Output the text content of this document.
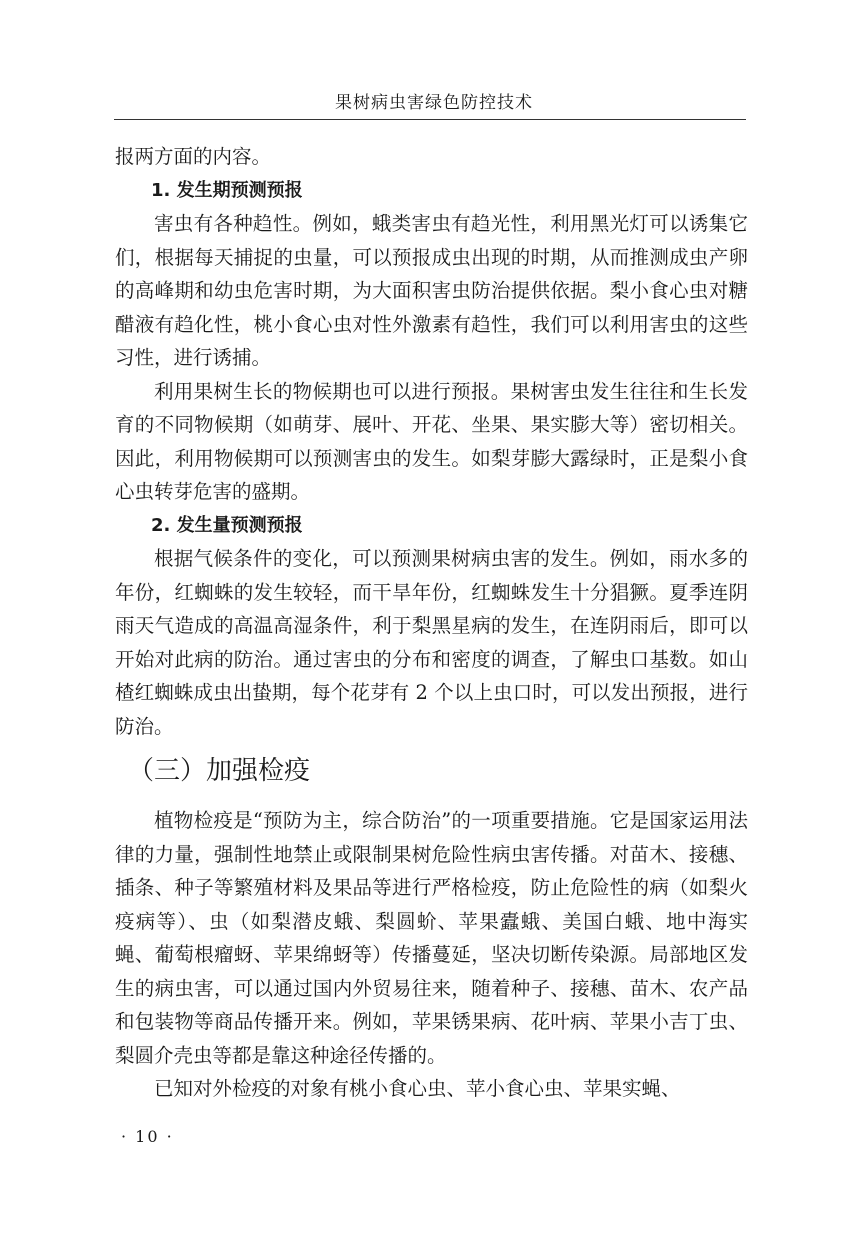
果树病虫害绿色防控技术

报两方面的内容。

1. 发生期预测预报

害虫有各种趋性。例如，蛾类害虫有趋光性，利用黑光灯可以诱集它们，根据每天捕捉的虫量，可以预报成虫出现的时期，从而推测成虫产卵的高峰期和幼虫危害时期，为大面积害虫防治提供依据。梨小食心虫对糖醋液有趋化性，桃小食心虫对性外激素有趋性，我们可以利用害虫的这些习性，进行诱捕。

利用果树生长的物候期也可以进行预报。果树害虫发生往往和生长发育的不同物候期（如萌芽、展叶、开花、坐果、果实膨大等）密切相关。因此，利用物候期可以预测害虫的发生。如梨芽膨大露绿时，正是梨小食心虫转芽危害的盛期。

2. 发生量预测预报

根据气候条件的变化，可以预测果树病虫害的发生。例如，雨水多的年份，红蜘蛛的发生较轻，而干旱年份，红蜘蛛发生十分猖獗。夏季连阴雨天气造成的高温高湿条件，利于梨黑星病的发生，在连阴雨后，即可以开始对此病的防治。通过害虫的分布和密度的调查，了解虫口基数。如山楂红蜘蛛成虫出蛰期，每个花芽有 2 个以上虫口时，可以发出预报，进行防治。

（三）加强检疫

植物检疫是“预防为主，综合防治”的一项重要措施。它是国家运用法律的力量，强制性地禁止或限制果树危险性病虫害传播。对苗木、接穗、插条、种子等繁殖材料及果品等进行严格检疫，防止危险性的病（如梨火疫病等）、虫（如梨潜皮蛾、梨圆蚧、苹果蠹蛾、美国白蛾、地中海实蝇、葡萄根瘤蚜、苹果绵蚜等）传播蔓延，坚决切断传染源。局部地区发生的病虫害，可以通过国内外贸易往来，随着种子、接穗、苗木、农产品和包装物等商品传播开来。例如，苹果锈果病、花叶病、苹果小吉丁虫、梨圆介壳虫等都是靠这种途径传播的。

已知对外检疫的对象有桃小食心虫、苹小食心虫、苹果实蝇、

· 10 ·
